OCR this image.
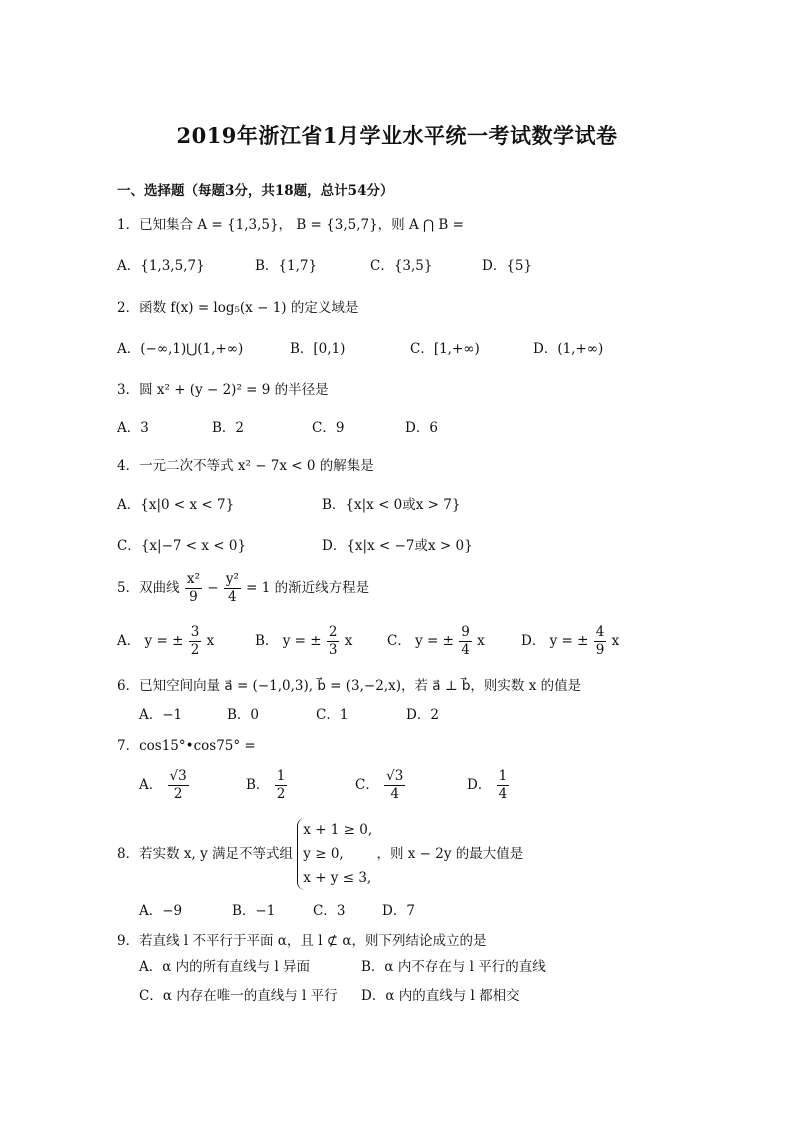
2019年浙江省1月学业水平统一考试数学试卷
一、选择题（每题3分，共18题，总计54分）
1．已知集合 A = {1,3,5}， B = {3,5,7}，则 A ⋂ B =
A．{1,3,5,7}	B．{1,7}	C．{3,5}	D．{5}
2．函数 f(x) = log₅(x − 1) 的定义域是
A．(−∞,1)⋃(1,+∞)	B．[0,1)	C．[1,+∞)	D．(1,+∞)
3．圆 x² + (y − 2)² = 9 的半径是
A．3	B．2	C．9	D．6
4．一元二次不等式 x² − 7x < 0 的解集是
A．{x|0 < x < 7}	B．{x|x < 0或x > 7}
C．{x|−7 < x < 0}	D．{x|x < −7或x > 0}
5．双曲线 $\frac{\text{x²}}{9} - \frac{\text{y²}}{4} = 1$ 的渐近线方程是
A． y = ± $\frac{3}{2}$ x	B． y = ± $\frac{2}{3}$ x	C． y = ± $\frac{9}{4}$ x	D． y = ± $\frac{4}{9}$ x
6．已知空间向量 a⃗ = (−1,0,3), b⃗ = (3,−2,x)，若 a⃗ ⊥ b⃗，则实数 x 的值是
A．−1	B．0	C．1	D．2
7．cos15°•cos75° =
A． $\frac{√3}{2}$	B． $\frac{1}{2}$	C． $\frac{√3}{4}$	D． $\frac{1}{4}$
8．若实数 x, y 满足不等式组
x + 1 ≥ 0,
y ≥ 0,
x + y ≤ 3,
，则 x − 2y 的最大值是
A．−9	B．−1	C．3	D．7
9．若直线 l 不平行于平面 α，且 l ⊄ α，则下列结论成立的是
A．α 内的所有直线与 l 异面	B．α 内不存在与 l 平行的直线
C．α 内存在唯一的直线与 l 平行 D．α 内的直线与 l 都相交
